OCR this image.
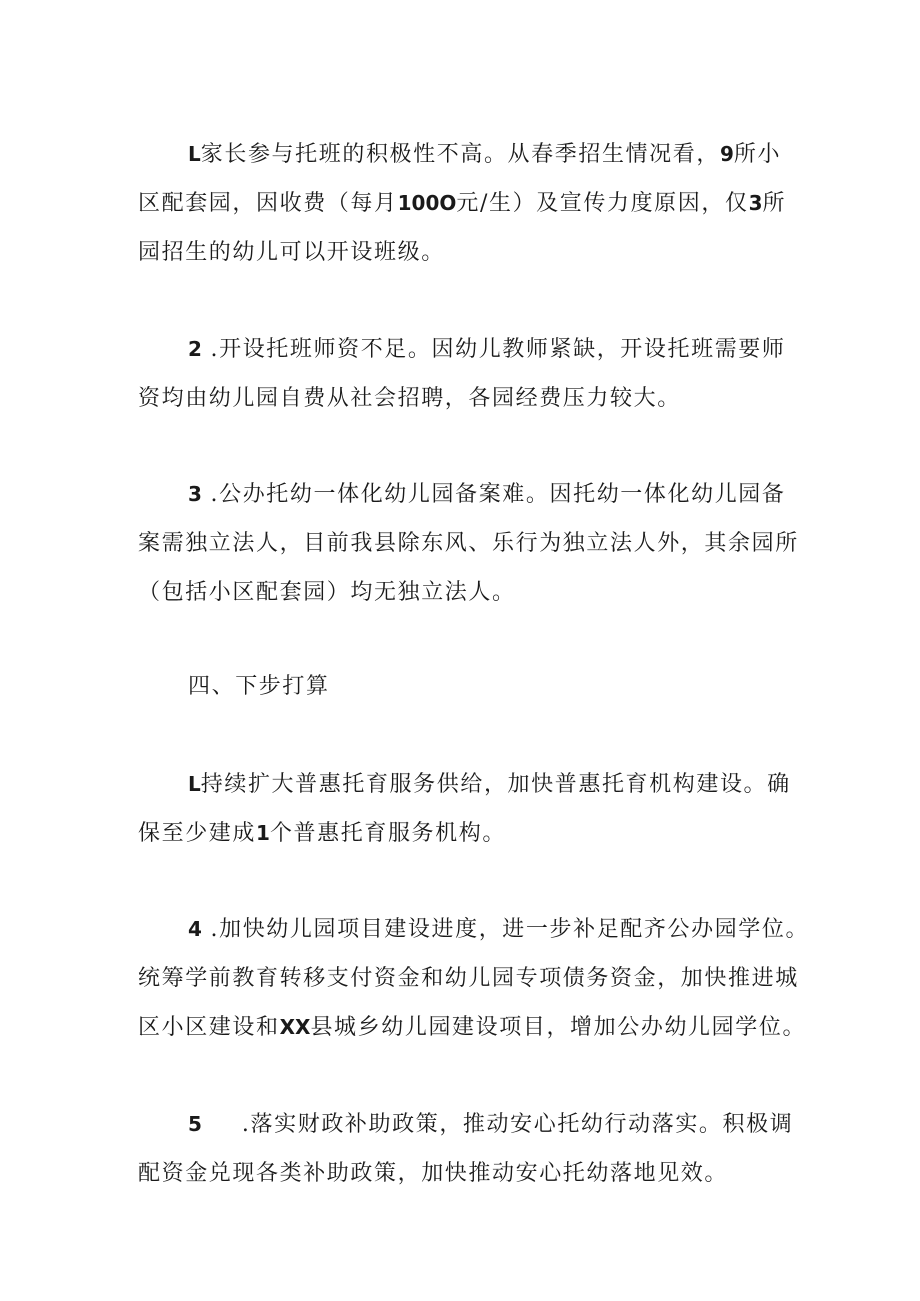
L家长参与托班的积极性不高。从春季招生情况看，9所小
区配套园，因收费（每月100O元/生）及宣传力度原因，仅3所
园招生的幼儿可以开设班级。
2 .开设托班师资不足。因幼儿教师紧缺，开设托班需要师
资均由幼儿园自费从社会招聘，各园经费压力较大。
3 .公办托幼一体化幼儿园备案难。因托幼一体化幼儿园备
案需独立法人，目前我县除东风、乐行为独立法人外，其余园所
（包括小区配套园）均无独立法人。
四、下步打算
L持续扩大普惠托育服务供给，加快普惠托育机构建设。确
保至少建成1个普惠托育服务机构。
4 .加快幼儿园项目建设进度，进一步补足配齐公办园学位。
统筹学前教育转移支付资金和幼儿园专项债务资金，加快推进城
区小区建设和XX县城乡幼儿园建设项目，增加公办幼儿园学位。
5 .落实财政补助政策，推动安心托幼行动落实。积极调
配资金兑现各类补助政策，加快推动安心托幼落地见效。
